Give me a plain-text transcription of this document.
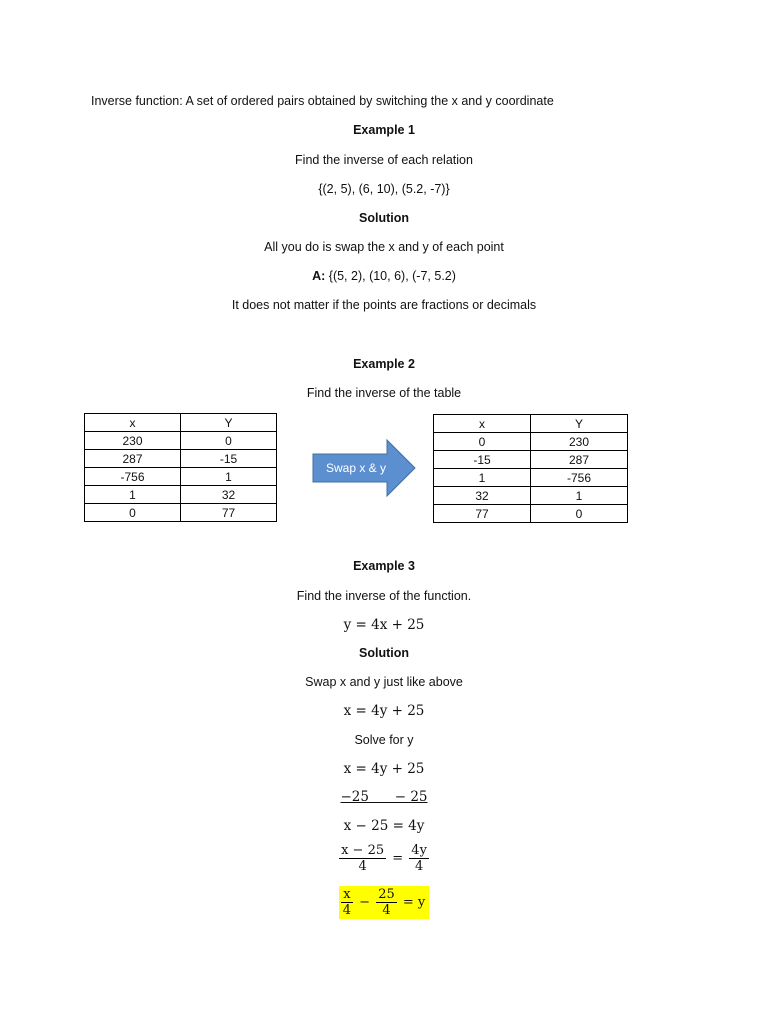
Inverse function: A set of ordered pairs obtained by switching the x and y coordinate
Example 1
Find the inverse of each relation
{(2, 5), (6, 10), (5.2, -7)}
Solution
All you do is swap the x and y of each point
A: {(5, 2), (10, 6), (-7, 5.2)
It does not matter if the points are fractions or decimals
Example 2
Find the inverse of the table
x	Y
230	0
287	-15
-756	1
1	32
0	77
Swap x & y
x	Y
0	230
-15	287
1	-756
32	1
77	0
Example 3
Find the inverse of the function.
y = 4x + 25
Solution
Swap x and y just like above
x = 4y + 25
Solve for y
x = 4y + 25
−25      − 25
x − 25 = 4y
$\frac{x - 25}{4} = \frac{4y}{4}$
$\frac{x}{4} - \frac{25}{4} = y$
